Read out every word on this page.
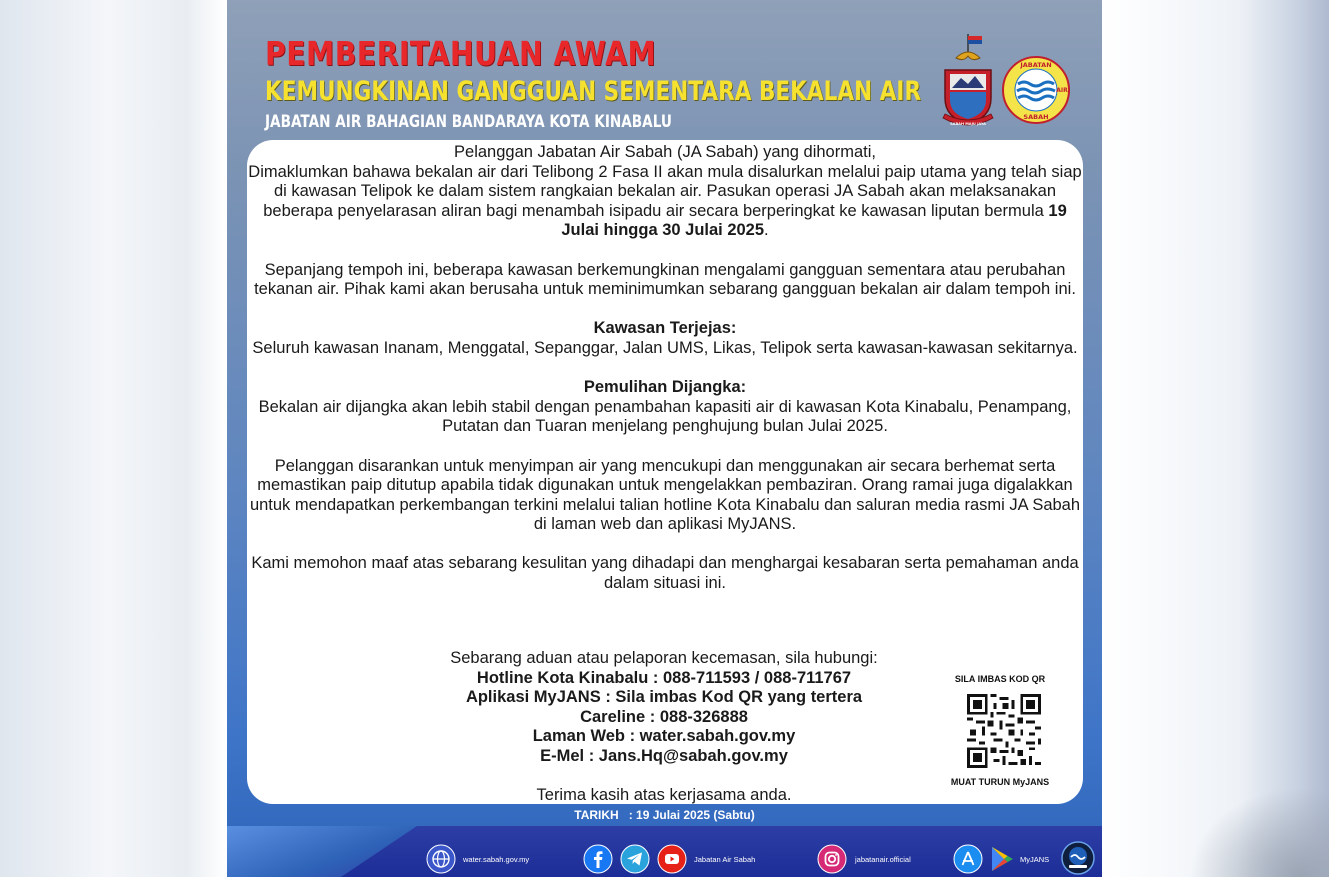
PEMBERITAHUAN AWAM
KEMUNGKINAN GANGGUAN SEMENTARA BEKALAN AIR
JABATAN AIR BAHAGIAN BANDARAYA KOTA KINABALU	SABAH MAJU JAYA
JABATAN
AIR
SABAH
Pelanggan Jabatan Air Sabah (JA Sabah) yang dihormati,

Dimaklumkan bahawa bekalan air dari Telibong 2 Fasa II akan mula disalurkan melalui paip utama yang telah siap di kawasan Telipok ke dalam sistem rangkaian bekalan air. Pasukan operasi JA Sabah akan melaksanakan beberapa penyelarasan aliran bagi menambah isipadu air secara berperingkat ke kawasan liputan bermula 19 Julai hingga 30 Julai 2025.

Sepanjang tempoh ini, beberapa kawasan berkemungkinan mengalami gangguan sementara atau perubahan tekanan air. Pihak kami akan berusaha untuk meminimumkan sebarang gangguan bekalan air dalam tempoh ini.

Kawasan Terjejas:

Seluruh kawasan Inanam, Menggatal, Sepanggar, Jalan UMS, Likas, Telipok serta kawasan-kawasan sekitarnya.

Pemulihan Dijangka:

Bekalan air dijangka akan lebih stabil dengan penambahan kapasiti air di kawasan Kota Kinabalu, Penampang, Putatan dan Tuaran menjelang penghujung bulan Julai 2025.

Pelanggan disarankan untuk menyimpan air yang mencukupi dan menggunakan air secara berhemat serta memastikan paip ditutup apabila tidak digunakan untuk mengelakkan pembaziran. Orang ramai juga digalakkan untuk mendapatkan perkembangan terkini melalui talian hotline Kota Kinabalu dan saluran media rasmi JA Sabah di laman web dan aplikasi MyJANS.

Kami memohon maaf atas sebarang kesulitan yang dihadapi dan menghargai kesabaran serta pemahaman anda dalam situasi ini.

Sebarang aduan atau pelaporan kecemasan, sila hubungi:
Hotline Kota Kinabalu : 088-711593 / 088-711767
Aplikasi MyJANS : Sila imbas Kod QR yang tertera
Careline : 088-326888
Laman Web : water.sabah.gov.my
E-Mel : Jans.Hq@sabah.gov.my
Terima kasih atas kerjasama anda.
SILA IMBAS KOD QR
MUAT TURUN MyJANS
TARIKH   : 19 Julai 2025 (Sabtu)
water.sabah.gov.my	Jabatan Air Sabah	jabatanair.official	MyJANS
